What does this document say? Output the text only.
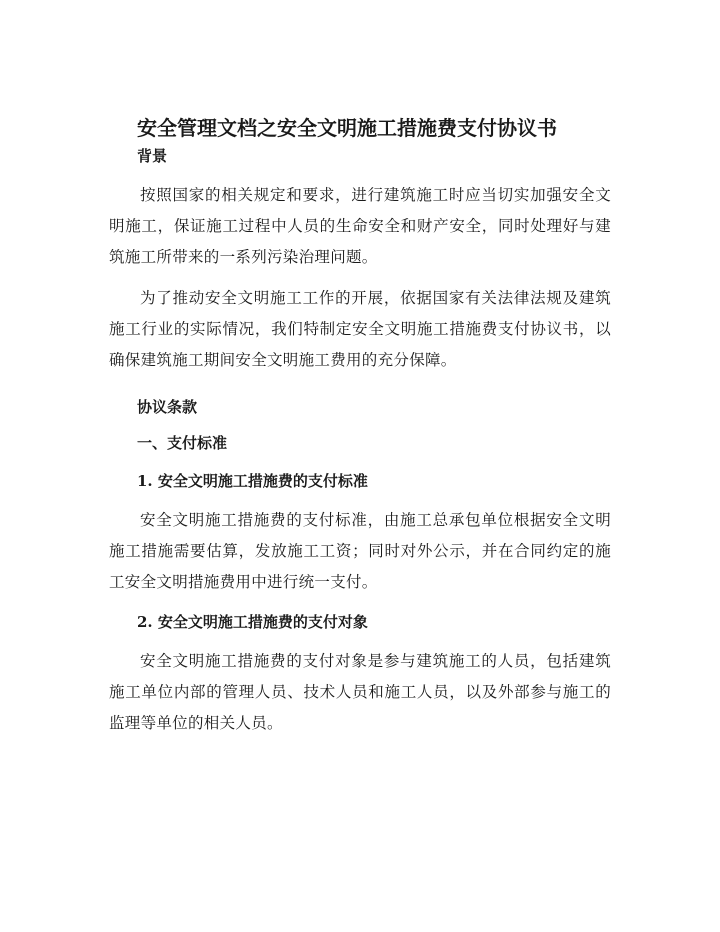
安全管理文档之安全文明施工措施费支付协议书
背景

按照国家的相关规定和要求，进行建筑施工时应当切实加强安全文明施工，保证施工过程中人员的生命安全和财产安全，同时处理好与建筑施工所带来的一系列污染治理问题。

为了推动安全文明施工工作的开展，依据国家有关法律法规及建筑施工行业的实际情况，我们特制定安全文明施工措施费支付协议书，以确保建筑施工期间安全文明施工费用的充分保障。

协议条款
一、支付标准
1. 安全文明施工措施费的支付标准

安全文明施工措施费的支付标准，由施工总承包单位根据安全文明施工措施需要估算，发放施工工资；同时对外公示，并在合同约定的施工安全文明措施费用中进行统一支付。

2. 安全文明施工措施费的支付对象

安全文明施工措施费的支付对象是参与建筑施工的人员，包括建筑施工单位内部的管理人员、技术人员和施工人员，以及外部参与施工的监理等单位的相关人员。
